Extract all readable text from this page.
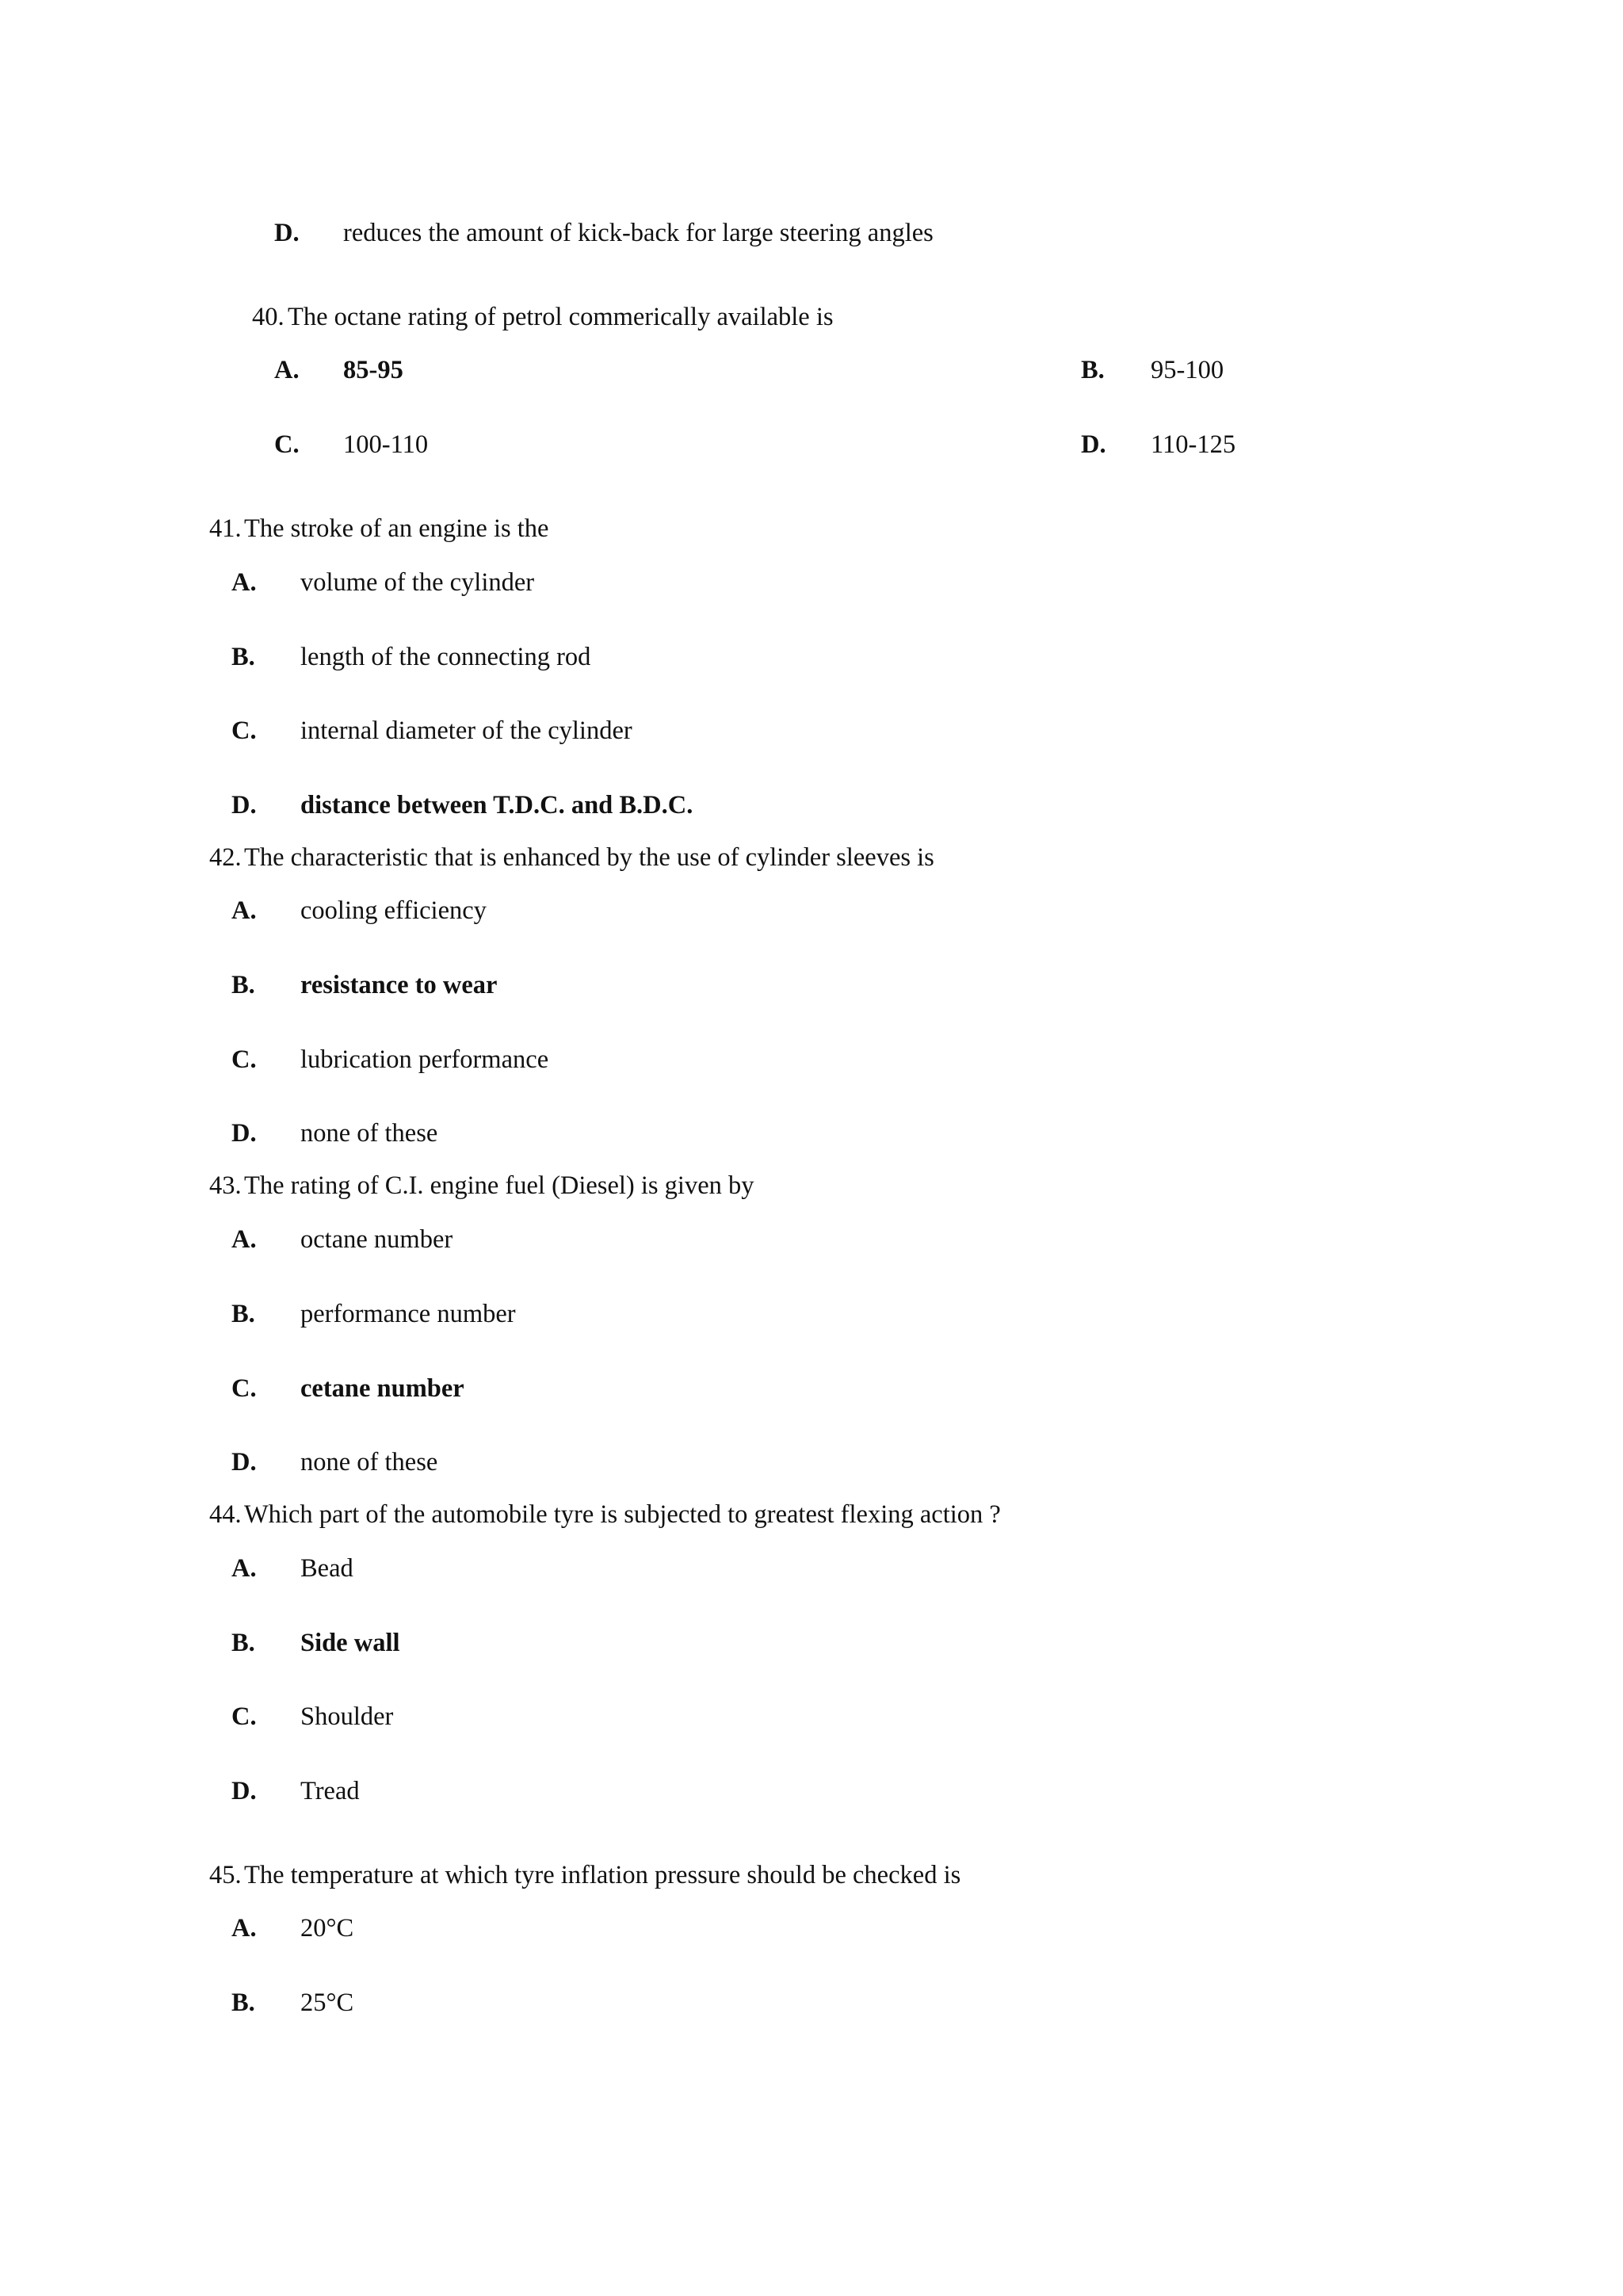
D. reduces the amount of kick-back for large steering angles
40. The octane rating of petrol commerically available is
A. 85-95	B. 95-100
C. 100-110	D. 110-125
41. The stroke of an engine is the
A. volume of the cylinder
B. length of the connecting rod
C. internal diameter of the cylinder
D. distance between T.D.C. and B.D.C.
42. The characteristic that is enhanced by the use of cylinder sleeves is
A. cooling efficiency
B. resistance to wear
C. lubrication performance
D. none of these
43. The rating of C.I. engine fuel (Diesel) is given by
A. octane number
B. performance number
C. cetane number
D. none of these
44. Which part of the automobile tyre is subjected to greatest flexing action ?
A. Bead
B. Side wall
C. Shoulder
D. Tread
45. The temperature at which tyre inflation pressure should be checked is
A. 20°C
B. 25°C
